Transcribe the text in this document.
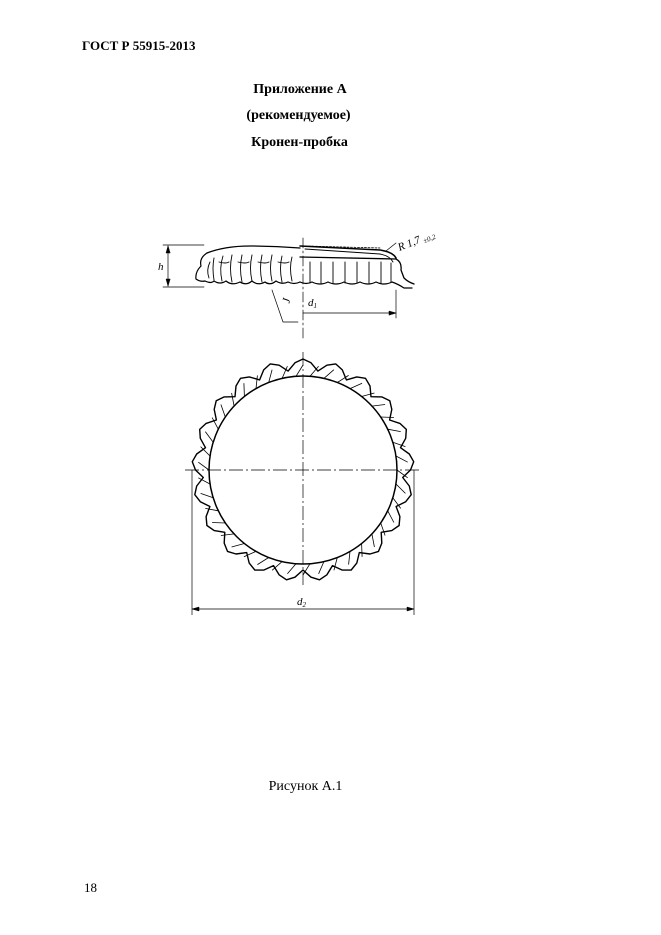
ГОСТ Р 55915-2013
Приложение А
(рекомендуемое)
Кронен-пробка
h
R 1,7 ±0,2
d1
J
d2
Рисунок А.1
18
